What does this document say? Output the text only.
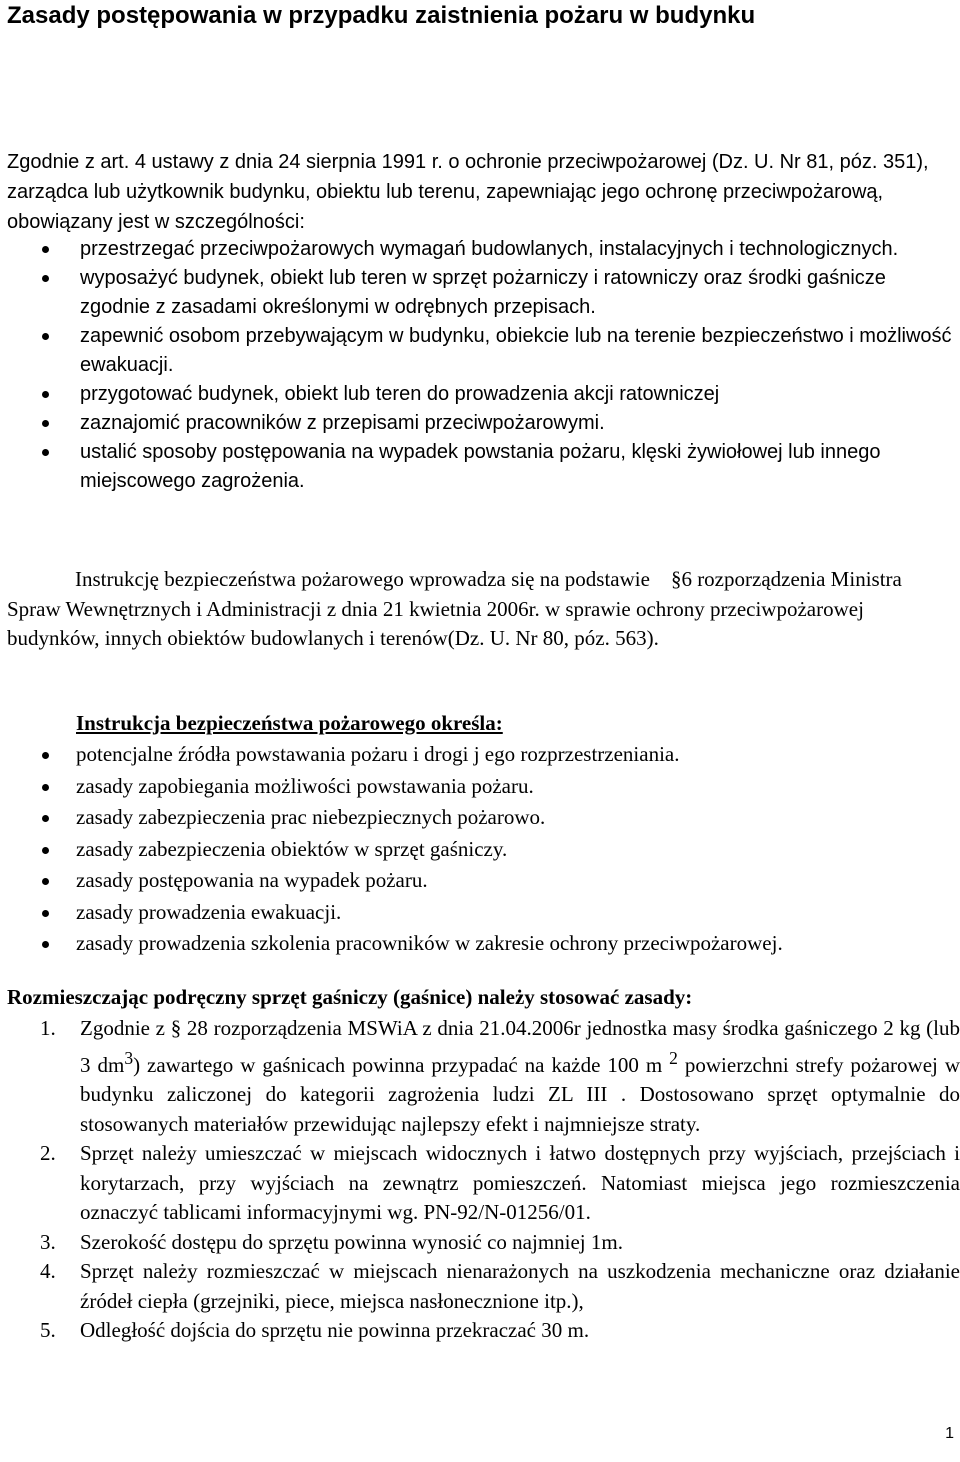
Zasady postępowania w przypadku zaistnienia pożaru w budynku

Zgodnie z art. 4 ustawy z dnia 24 sierpnia 1991 r. o ochronie przeciwpożarowej (Dz. U. Nr 81, póz. 351), zarządca lub użytkownik budynku, obiektu lub terenu, zapewniając jego ochronę przeciwpożarową, obowiązany jest w szczególności:

przestrzegać przeciwpożarowych wymagań budowlanych, instalacyjnych i technologicznych.
wyposażyć budynek, obiekt lub teren w sprzęt pożarniczy i ratowniczy oraz środki gaśnicze zgodnie z zasadami określonymi w odrębnych przepisach.
zapewnić osobom przebywającym w budynku, obiekcie lub na terenie bezpieczeństwo i możliwość ewakuacji.
przygotować budynek, obiekt lub teren do prowadzenia akcji ratowniczej
zaznajomić pracowników z przepisami przeciwpożarowymi.
ustalić sposoby postępowania na wypadek powstania pożaru, klęski żywiołowej lub innego miejscowego zagrożenia.

Instrukcję bezpieczeństwa pożarowego wprowadza się na podstawie    §6 rozporządzenia Ministra Spraw Wewnętrznych i Administracji z dnia 21 kwietnia 2006r. w sprawie ochrony przeciwpożarowej budynków, innych obiektów budowlanych i terenów(Dz. U. Nr 80, póz. 563).

Instrukcja bezpieczeństwa pożarowego określa:

potencjalne źródła powstawania pożaru i drogi j ego rozprzestrzeniania.
zasady zapobiegania możliwości powstawania pożaru.
zasady zabezpieczenia prac niebezpiecznych pożarowo.
zasady zabezpieczenia obiektów w sprzęt gaśniczy.
zasady postępowania na wypadek pożaru.
zasady prowadzenia ewakuacji.
zasady prowadzenia szkolenia pracowników w zakresie ochrony przeciwpożarowej.

Rozmieszczając podręczny sprzęt gaśniczy (gaśnice) należy stosować zasady:

1. Zgodnie z § 28 rozporządzenia MSWiA z dnia 21.04.2006r jednostka masy środka gaśniczego 2 kg (lub 3 $dm^3$) zawartego w gaśnicach powinna przypadać na każde 100 m $^2$ powierzchni strefy pożarowej w budynku zaliczonej do kategorii zagrożenia ludzi ZL III . Dostosowano sprzęt optymalnie do stosowanych materiałów przewidując najlepszy efekt i najmniejsze straty.
2. Sprzęt należy umieszczać w miejscach widocznych i łatwo dostępnych przy wyjściach, przejściach i korytarzach, przy wyjściach na zewnątrz pomieszczeń. Natomiast miejsca jego rozmieszczenia oznaczyć tablicami informacyjnymi wg. PN-92/N-01256/01.
3. Szerokość dostępu do sprzętu powinna wynosić co najmniej 1m.
4. Sprzęt należy rozmieszczać w miejscach nienarażonych na uszkodzenia mechaniczne oraz działanie źródeł ciepła (grzejniki, piece, miejsca nasłonecznione itp.),
5. Odległość dojścia do sprzętu nie powinna przekraczać 30 m.
1
